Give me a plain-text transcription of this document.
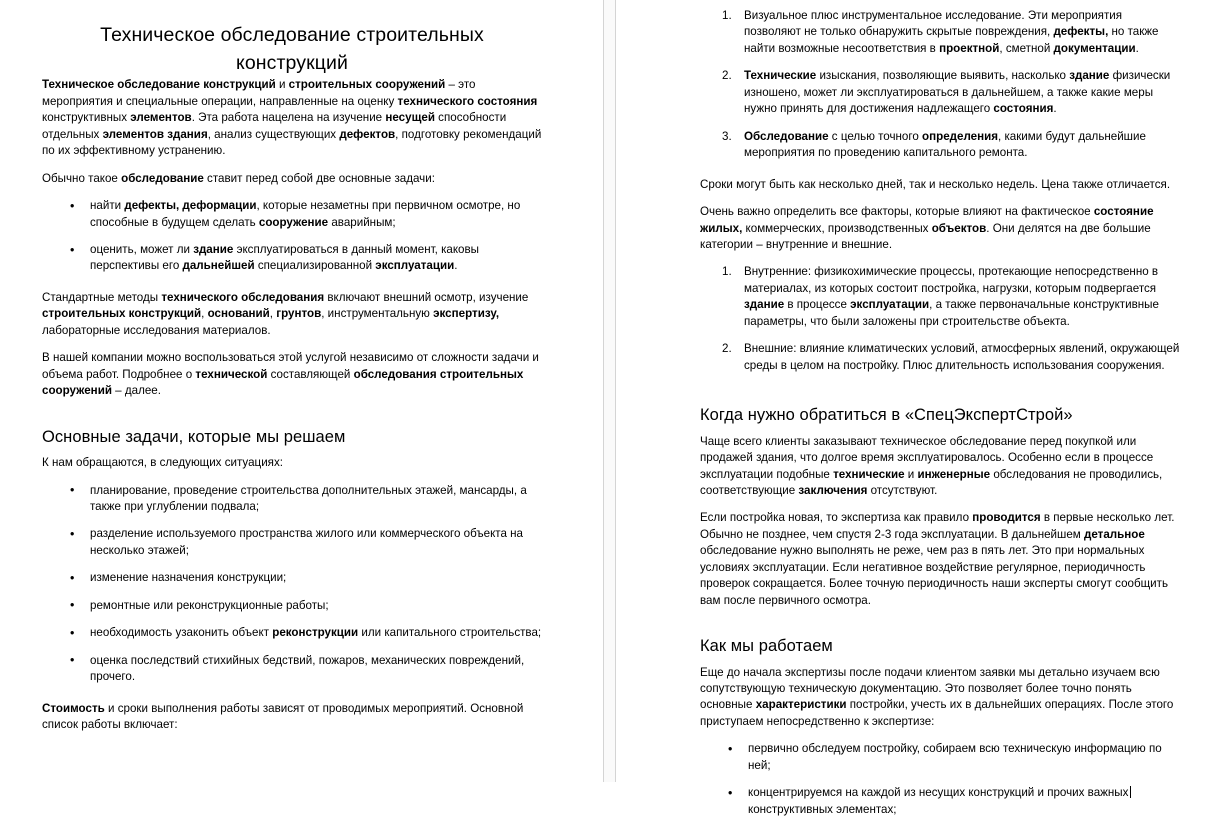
Техническое обследование строительных конструкций

Техническое обследование конструкций и строительных сооружений – это мероприятия и специальные операции, направленные на оценку технического состояния конструктивных элементов. Эта работа нацелена на изучение несущей способности отдельных элементов здания, анализ существующих дефектов, подготовку рекомендаций по их эффективному устранению.

Обычно такое обследование ставит перед собой две основные задачи:

• найти дефекты, деформации, которые незаметны при первичном осмотре, но способные в будущем сделать сооружение аварийным;
• оценить, может ли здание эксплуатироваться в данный момент, каковы перспективы его дальнейшей специализированной эксплуатации.

Стандартные методы технического обследования включают внешний осмотр, изучение строительных конструкций, оснований, грунтов, инструментальную экспертизу, лабораторные исследования материалов.

В нашей компании можно воспользоваться этой услугой независимо от сложности задачи и объема работ. Подробнее о технической составляющей обследования строительных сооружений – далее.

Основные задачи, которые мы решаем

К нам обращаются, в следующих ситуациях:

• планирование, проведение строительства дополнительных этажей, мансарды, а также при углублении подвала;
• разделение используемого пространства жилого или коммерческого объекта на несколько этажей;
• изменение назначения конструкции;
• ремонтные или реконструкционные работы;
• необходимость узаконить объект реконструкции или капитального строительства;
• оценка последствий стихийных бедствий, пожаров, механических повреждений, прочего.

Стоимость и сроки выполнения работы зависят от проводимых мероприятий. Основной список работы включает:

Визуальное плюс инструментальное исследование. Эти мероприятия позволяют не только обнаружить скрытые повреждения, дефекты, но также найти возможные несоответствия в проектной, сметной документации.
Технические изыскания, позволяющие выявить, насколько здание физически изношено, может ли эксплуатироваться в дальнейшем, а также какие меры нужно принять для достижения надлежащего состояния.
Обследование с целью точного определения, какими будут дальнейшие мероприятия по проведению капитального ремонта.

Сроки могут быть как несколько дней, так и несколько недель. Цена также отличается.

Очень важно определить все факторы, которые влияют на фактическое состояние жилых, коммерческих, производственных объектов. Они делятся на две большие категории – внутренние и внешние.

Внутренние: физикохимические процессы, протекающие непосредственно в материалах, из которых состоит постройка, нагрузки, которым подвергается здание в процессе эксплуатации, а также первоначальные конструктивные параметры, что были заложены при строительстве объекта.
Внешние: влияние климатических условий, атмосферных явлений, окружающей среды в целом на постройку. Плюс длительность использования сооружения.
Когда нужно обратиться в «СпецЭкспертСтрой»

Чаще всего клиенты заказывают техническое обследование перед покупкой или продажей здания, что долгое время эксплуатировалось. Особенно если в процессе эксплуатации подобные технические и инженерные обследования не проводились, соответствующие заключения отсутствуют.

Если постройка новая, то экспертиза как правило проводится в первые несколько лет. Обычно не позднее, чем спустя 2-3 года эксплуатации. В дальнейшем детальное обследование нужно выполнять не реже, чем раз в пять лет. Это при нормальных условиях эксплуатации. Если негативное воздействие регулярное, периодичность проверок сокращается. Более точную периодичность наши эксперты смогут сообщить вам после первичного осмотра.

Как мы работаем

Еще до начала экспертизы после подачи клиентом заявки мы детально изучаем всю сопутствующую техническую документацию. Это позволяет более точно понять основные характеристики постройки, учесть их в дальнейших операциях. После этого приступаем непосредственно к экспертизе:

• первично обследуем постройку, собираем всю техническую информацию по ней;
• концентрируемся на каждой из несущих конструкций и прочих важных конструктивных элементах;
